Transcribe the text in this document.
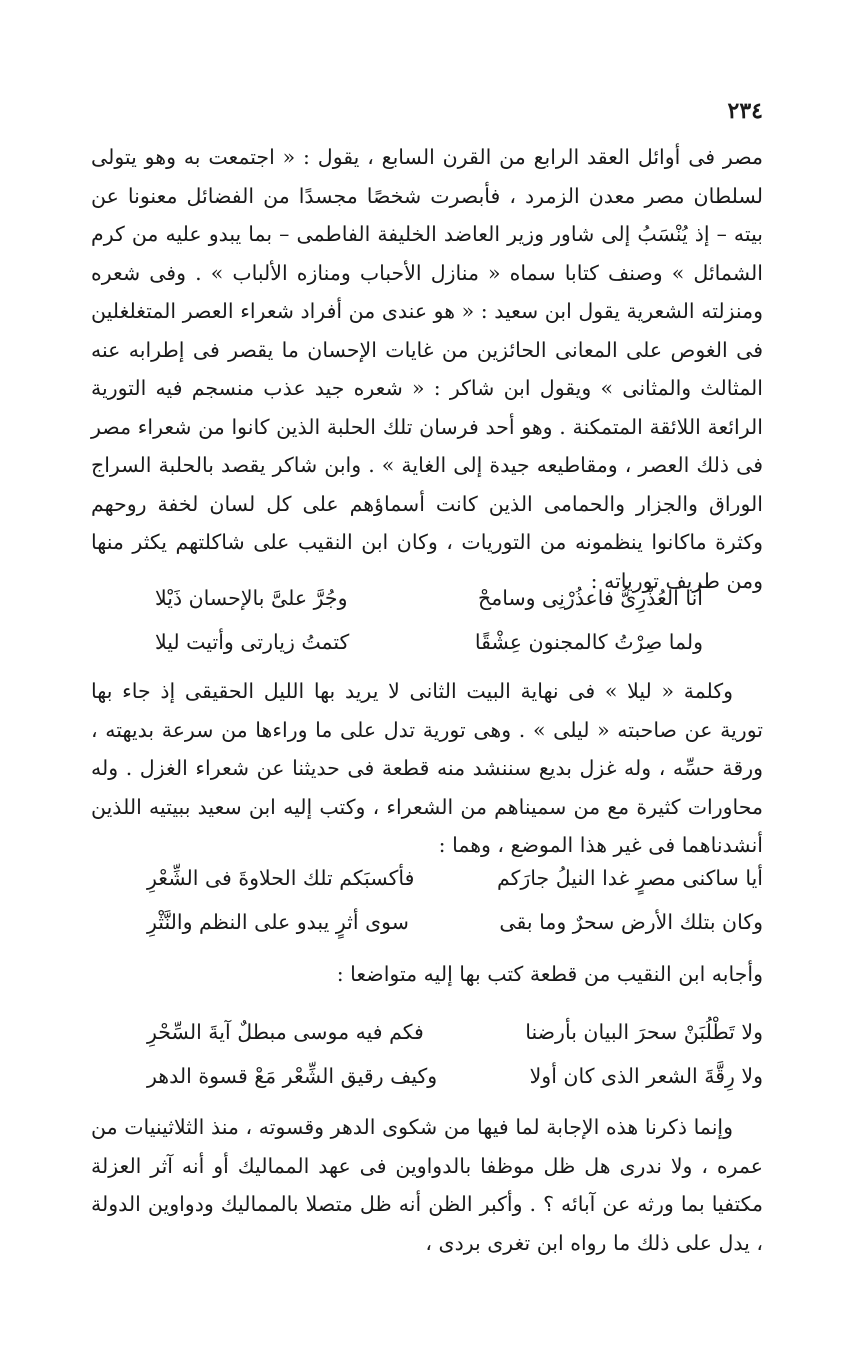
٢٣٤

مصر فى أوائل العقد الرابع من القرن السابع ، يقول : « اجتمعت به وهو يتولى لسلطان مصر معدن الزمرد ، فأبصرت شخصًا مجسدًا من الفضائل معنونا عن بيته – إذ يُنْسَبُ إلى شاور وزير العاضد الخليفة الفاطمى – بما يبدو عليه من كرم الشمائل » وصنف كتابا سماه « منازل الأحباب ومنازه الألباب » . وفى شعره ومنزلته الشعرية يقول ابن سعيد : « هو عندى من أفراد شعراء العصر المتغلغلين فى الغوص على المعانى الحائزين من غايات الإحسان ما يقصر فى إطرابه عنه المثالث والمثانى » ويقول ابن شاكر : « شعره جيد عذب منسجم فيه التورية الرائعة اللائقة المتمكنة . وهو أحد فرسان تلك الحلبة الذين كانوا من شعراء مصر فى ذلك العصر ، ومقاطيعه جيدة إلى الغاية » . وابن شاكر يقصد بالحلبة السراج الوراق والجزار والحمامى الذين كانت أسماؤهم على كل لسان لخفة روحهم وكثرة ماكانوا ينظمونه من التوريات ، وكان ابن النقيب على شاكلتهم يكثر منها ومن طريف تورياته :

أنا العُذْرِىُّ فاعذُرْنِى وسامحْ
وجُرَّ علىَّ بالإحسان ذَيْلا
ولما صِرْتُ كالمجنون عِشْقًا
كتمتُ زيارتى وأتيت ليلا

وكلمة « ليلا » فى نهاية البيت الثانى لا يريد بها الليل الحقيقى إذ جاء بها تورية عن صاحبته « ليلى » . وهى تورية تدل على ما وراءها من سرعة بديهته ، ورقة حسِّه ، وله غزل بديع سننشد منه قطعة فى حديثنا عن شعراء الغزل . وله محاورات كثيرة مع من سميناهم من الشعراء ، وكتب إليه ابن سعيد ببيتيه اللذين أنشدناهما فى غير هذا الموضع ، وهما :

أيا ساكنى مصرٍ غدا النيلُ جارَكم
فأكسبَكم تلك الحلاوةَ فى الشِّعْرِ
وكان بتلك الأرض سحرٌ وما بقى
سوى أثرٍ يبدو على النظم والنَّثْرِ

وأجابه ابن النقيب من قطعة كتب بها إليه متواضعا :

ولا تَطْلُبَنْ سحرَ البيان بأرضنا
فكم فيه موسى مبطلٌ آيةَ السِّحْرِ
ولا رِقَّةَ الشعر الذى كان أولا
وكيف رقيق الشِّعْر مَعْ قسوة الدهر

وإنما ذكرنا هذه الإجابة لما فيها من شكوى الدهر وقسوته ، منذ الثلاثينيات من عمره ، ولا ندرى هل ظل موظفا بالدواوين فى عهد المماليك أو أنه آثر العزلة مكتفيا بما ورثه عن آبائه ؟ . وأكبر الظن أنه ظل متصلا بالمماليك ودواوين الدولة ، يدل على ذلك ما رواه ابن تغرى بردى ،
